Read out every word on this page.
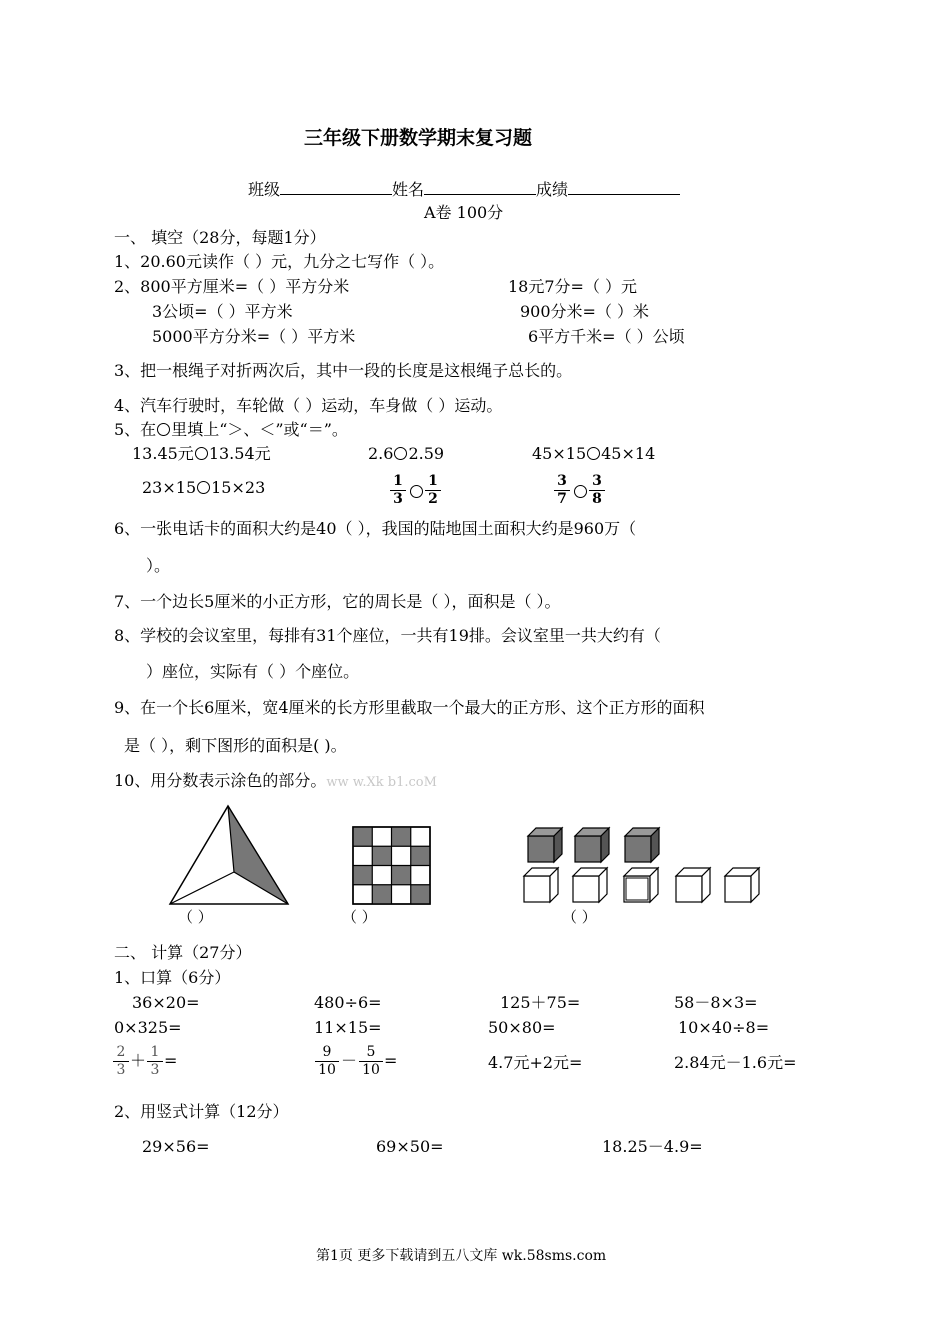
三年级下册数学期末复习题
班级	姓名	成绩
A卷 100分
一、 填空（28分，每题1分）
1、20.60元读作（ ）元，九分之七写作（ ）。
2、800平方厘米=（ ）平方分米	18元7分=（ ）元
3公顷=（ ）平方米	900分米=（ ）米
5000平方分米=（ ）平方米	6平方千米=（ ）公顷
3、把一根绳子对折两次后，其中一段的长度是这根绳子总长的。
4、汽车行驶时，车轮做（ ）运动，车身做（ ）运动。
5、在 里填上“＞、＜”或“＝”。
13.45元 13.54元	2.6 2.59	45×15 45×14
23×15 15×23	$\frac{1}{3} \frac{1}{2}$	$\frac{3}{7} \frac{3}{8}$
6、一张电话卡的面积大约是40（ ），我国的陆地国土面积大约是960万（
）。
7、一个边长5厘米的小正方形，它的周长是（ ），面积是（ ）。
8、学校的会议室里，每排有31个座位，一共有19排。会议室里一共大约有（
）座位，实际有（ ）个座位。
9、在一个长6厘米，宽4厘米的长方形里截取一个最大的正方形、这个正方形的面积
是（ ），剩下图形的面积是( )。
10、用分数表示涂色的部分。ww w.Xk b1.coM
（ ）	（ ）	（ ）
二、 计算（27分）
1、口算（6分）
36×20=	480÷6=	125＋75=	58－8×3=
0×325=	11×15=	50×80=	10×40÷8=
$\frac{2}{3} + \frac{1}{3}$ =	$\frac{9}{10} - \frac{5}{10}$ =	4.7元+2元=	2.84元－1.6元=
2、用竖式计算（12分）
29×56=	69×50=	18.25－4.9=
第1页 更多下载请到五八文库 wk.58sms.com
